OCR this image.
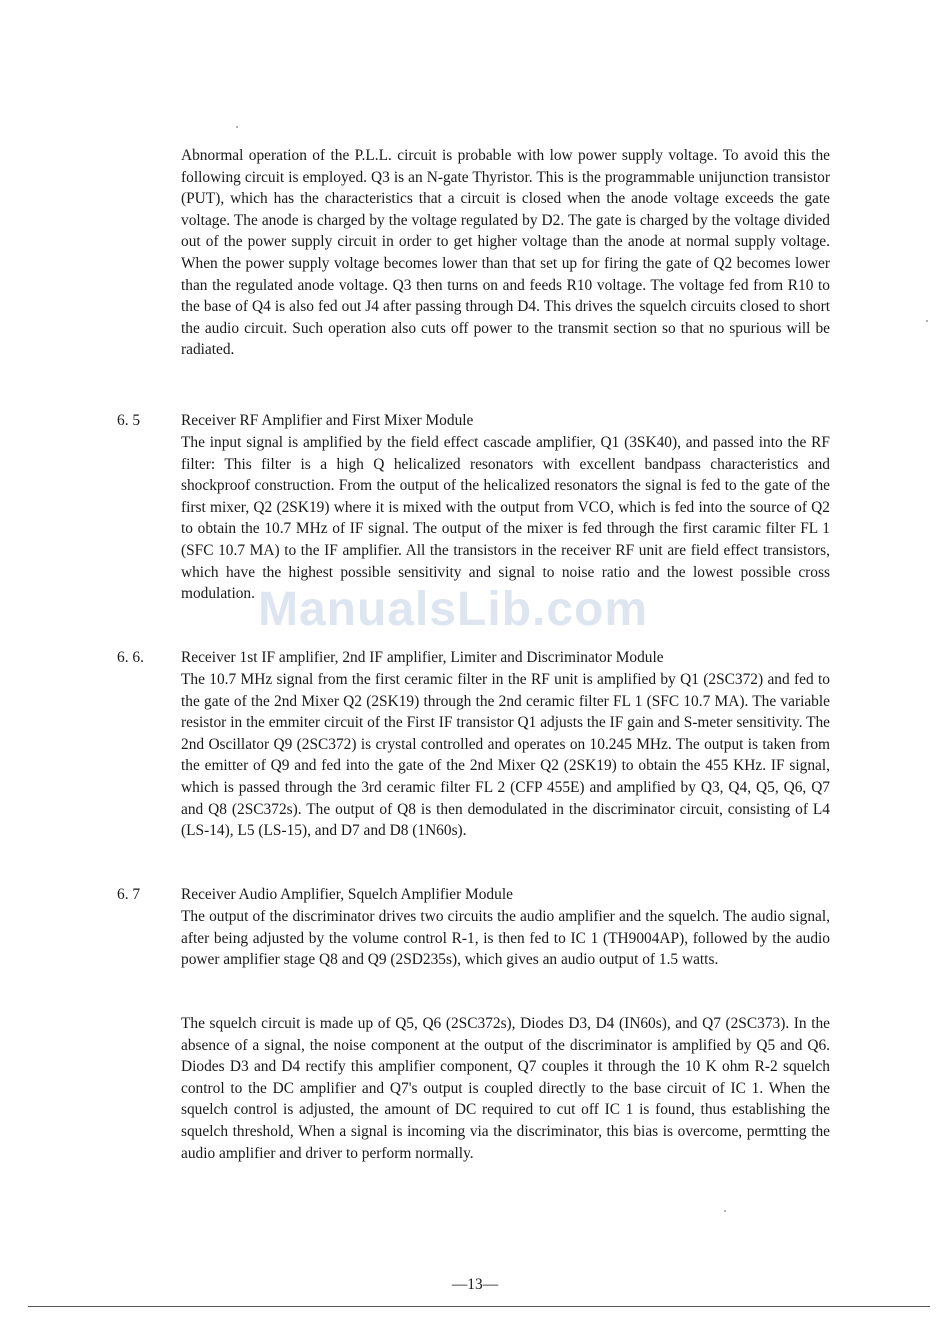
Abnormal operation of the P.L.L. circuit is probable with low power supply voltage. To avoid this the following circuit is employed. Q3 is an N-gate Thyristor. This is the programmable unijunction transistor (PUT), which has the characteristics that a circuit is closed when the anode voltage exceeds the gate voltage. The anode is charged by the voltage regulated by D2. The gate is charged by the voltage divided out of the power supply circuit in order to get higher voltage than the anode at normal supply voltage. When the power supply voltage becomes lower than that set up for firing the gate of Q2 becomes lower than the regulated anode voltage. Q3 then turns on and feeds R10 voltage. The voltage fed from R10 to the base of Q4 is also fed out J4 after passing through D4. This drives the squelch circuits closed to short the audio circuit. Such operation also cuts off power to the transmit section so that no spurious will be radiated.

6. 5	Receiver RF Amplifier and First Mixer Module

The input signal is amplified by the field effect cascade amplifier, Q1 (3SK40), and passed into the RF filter: This filter is a high Q helicalized resonators with excellent bandpass characteristics and shockproof construction. From the output of the helicalized resonators the signal is fed to the gate of the first mixer, Q2 (2SK19) where it is mixed with the output from VCO, which is fed into the source of Q2 to obtain the 10.7 MHz of IF signal. The output of the mixer is fed through the first caramic filter FL 1 (SFC 10.7 MA) to the IF amplifier. All the transistors in the receiver RF unit are field effect transistors, which have the highest possible sensitivity and signal to noise ratio and the lowest possible cross modulation.

6. 6. Receiver 1st IF amplifier, 2nd IF amplifier, Limiter and Discriminator Module

The 10.7 MHz signal from the first ceramic filter in the RF unit is amplified by Q1 (2SC372) and fed to the gate of the 2nd Mixer Q2 (2SK19) through the 2nd ceramic filter FL 1 (SFC 10.7 MA). The variable resistor in the emmiter circuit of the First IF transistor Q1 adjusts the IF gain and S-meter sensitivity. The 2nd Oscillator Q9 (2SC372) is crystal controlled and operates on 10.245 MHz. The output is taken from the emitter of Q9 and fed into the gate of the 2nd Mixer Q2 (2SK19) to obtain the 455 KHz. IF signal, which is passed through the 3rd ceramic filter FL 2 (CFP 455E) and amplified by Q3, Q4, Q5, Q6, Q7 and Q8 (2SC372s). The output of Q8 is then demodulated in the discriminator circuit, consisting of L4 (LS-14), L5 (LS-15), and D7 and D8 (1N60s).

6. 7	Receiver Audio Amplifier, Squelch Amplifier Module

The output of the discriminator drives two circuits the audio amplifier and the squelch. The audio signal, after being adjusted by the volume control R-1, is then fed to IC 1 (TH9004AP), followed by the audio power amplifier stage Q8 and Q9 (2SD235s), which gives an audio output of 1.5 watts.

The squelch circuit is made up of Q5, Q6 (2SC372s), Diodes D3, D4 (IN60s), and Q7 (2SC373). In the absence of a signal, the noise component at the output of the discriminator is amplified by Q5 and Q6. Diodes D3 and D4 rectify this amplifier component, Q7 couples it through the 10 K ohm R-2 squelch control to the DC amplifier and Q7's output is coupled directly to the base circuit of IC 1. When the squelch control is adjusted, the amount of DC required to cut off IC 1 is found, thus establishing the squelch threshold, When a signal is incoming via the discriminator, this bias is overcome, permtting the audio amplifier and driver to perform normally.

ManualsLib.com
—13—
